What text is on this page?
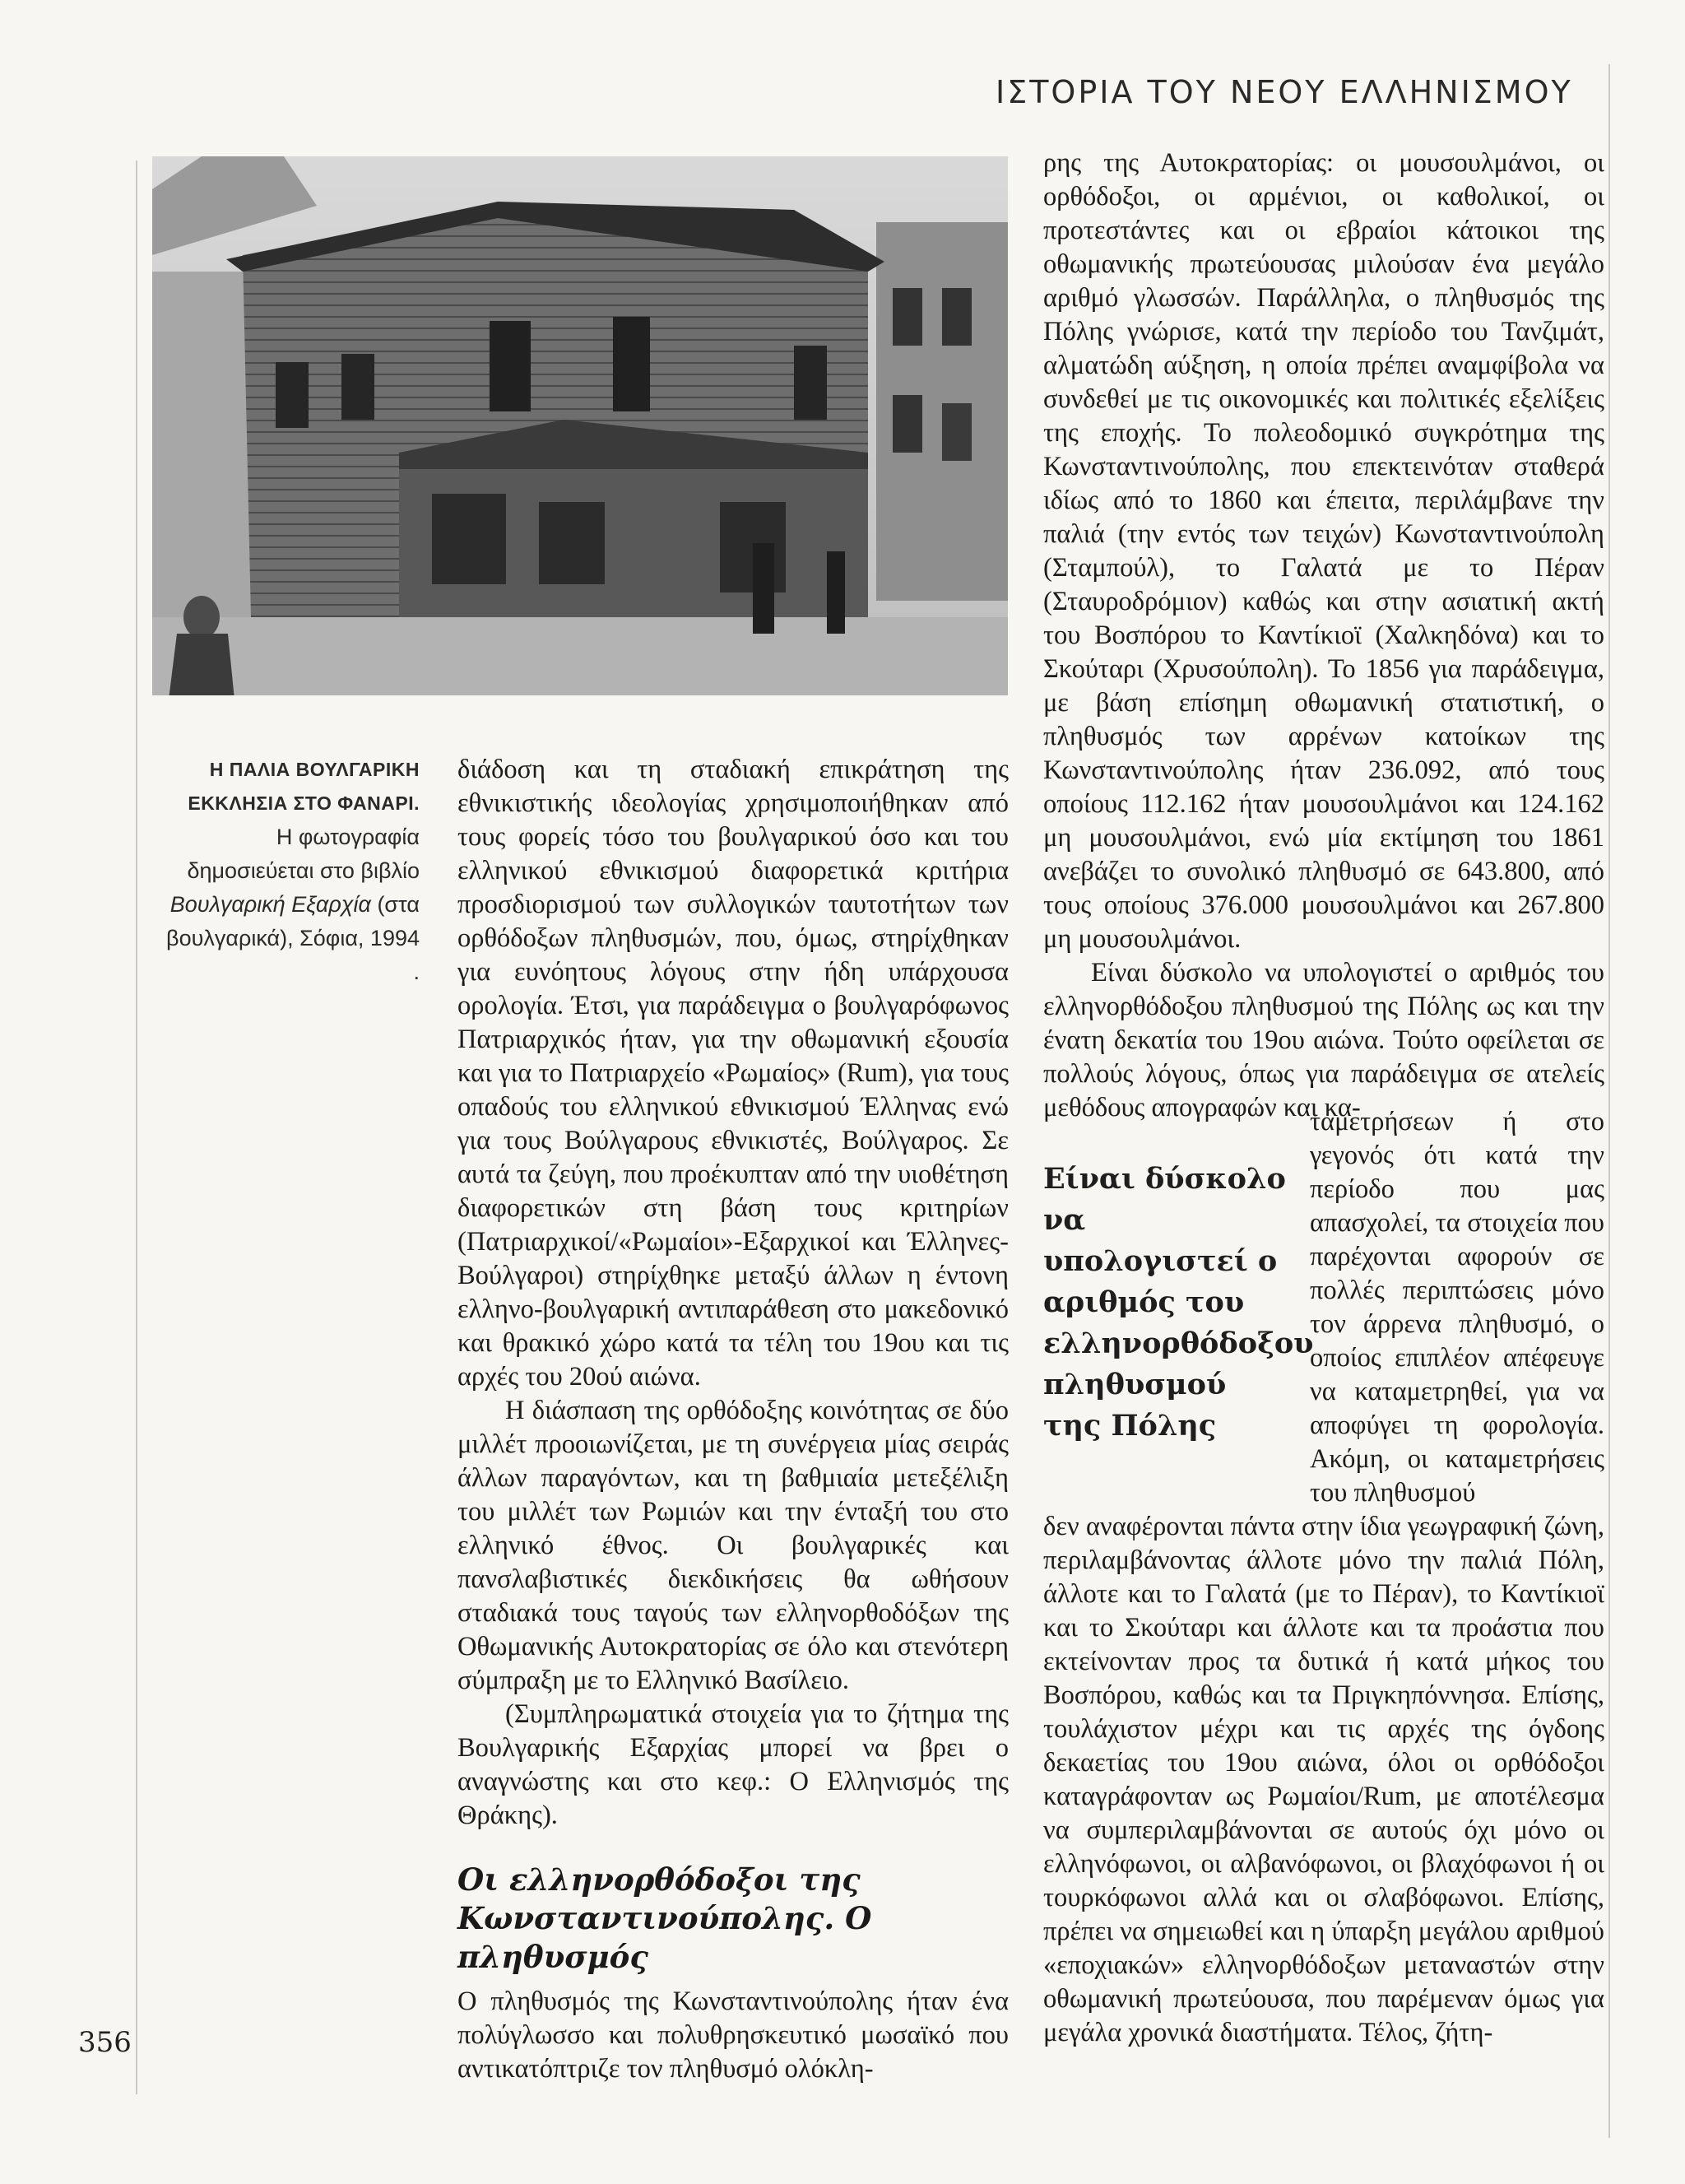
ΙΣΤΟΡΙΑ ΤΟΥ ΝΕΟΥ ΕΛΛΗΝΙΣΜΟΥ
356

Η ΠΑΛΙΑ ΒΟΥΛΓΑΡΙΚΗ ΕΚΚΛΗΣΙΑ ΣΤΟ ΦΑΝΑΡΙ.

Η φωτογραφία δημοσιεύεται στο βιβλίο Βουλγαρική Εξαρχία (στα βουλγαρικά), Σόφια, 1994 .

διάδοση και τη σταδιακή επικράτηση της εθνικιστικής ιδεολογίας χρησιμοποιήθηκαν από τους φορείς τόσο του βουλγαρικού όσο και του ελληνικού εθνικισμού διαφορετικά κριτήρια προσδιορισμού των συλλογικών ταυτοτήτων των ορθόδοξων πληθυσμών, που, όμως, στηρίχθηκαν για ευνόητους λόγους στην ήδη υπάρχουσα ορολογία. Έτσι, για παράδειγμα ο βουλγαρόφωνος Πατριαρχικός ήταν, για την οθωμανική εξουσία και για το Πατριαρχείο «Ρωμαίος» (Rum), για τους οπαδούς του ελληνικού εθνικισμού Έλληνας ενώ για τους Βούλγαρους εθνικιστές, Βούλγαρος. Σε αυτά τα ζεύγη, που προέκυπταν από την υιοθέτηση διαφορετικών στη βάση τους κριτηρίων (Πατριαρχικοί/«Ρωμαίοι»-Εξαρχικοί και Έλληνες-Βούλγαροι) στηρίχθηκε μεταξύ άλλων η έντονη ελληνο-βουλγαρική αντιπαράθεση στο μακεδονικό και θρακικό χώρο κατά τα τέλη του 19ου και τις αρχές του 20ού αιώνα.

Η διάσπαση της ορθόδοξης κοινότητας σε δύο μιλλέτ προοιωνίζεται, με τη συνέργεια μίας σειράς άλλων παραγόντων, και τη βαθμιαία μετεξέλιξη του μιλλέτ των Ρωμιών και την ένταξή του στο ελληνικό έθνος. Οι βουλγαρικές και πανσλαβιστικές διεκδικήσεις θα ωθήσουν σταδιακά τους ταγούς των ελληνορθοδόξων της Οθωμανικής Αυτοκρατορίας σε όλο και στενότερη σύμπραξη με το Ελληνικό Βασίλειο.

(Συμπληρωματικά στοιχεία για το ζήτημα της Βουλγαρικής Εξαρχίας μπορεί να βρει ο αναγνώστης και στο κεφ.: Ο Ελληνισμός της Θράκης).

Οι ελληνορθόδοξοι της Κωνσταντινούπολης. Ο πληθυσμός

Ο πληθυσμός της Κωνσταντινούπολης ήταν ένα πολύγλωσσο και πολυθρησκευτικό μωσαϊκό που αντικατόπτριζε τον πληθυσμό ολόκλη-

ρης της Αυτοκρατορίας: οι μουσουλμάνοι, οι ορθόδοξοι, οι αρμένιοι, οι καθολικοί, οι προτεστάντες και οι εβραίοι κάτοικοι της οθωμανικής πρωτεύουσας μιλούσαν ένα μεγάλο αριθμό γλωσσών. Παράλληλα, ο πληθυσμός της Πόλης γνώρισε, κατά την περίοδο του Τανζιμάτ, αλματώδη αύξηση, η οποία πρέπει αναμφίβολα να συνδεθεί με τις οικονομικές και πολιτικές εξελίξεις της εποχής. Το πολεοδομικό συγκρότημα της Κωνσταντινούπολης, που επεκτεινόταν σταθερά ιδίως από το 1860 και έπειτα, περιλάμβανε την παλιά (την εντός των τειχών) Κωνσταντινούπολη (Σταμπούλ), το Γαλατά με το Πέραν (Σταυροδρόμιον) καθώς και στην ασιατική ακτή του Βοσπόρου το Καντίκιοϊ (Χαλκηδόνα) και το Σκούταρι (Χρυσούπολη). Το 1856 για παράδειγμα, με βάση επίσημη οθωμανική στατιστική, ο πληθυσμός των αρρένων κατοίκων της Κωνσταντινούπολης ήταν 236.092, από τους οποίους 112.162 ήταν μουσουλμάνοι και 124.162 μη μουσουλμάνοι, ενώ μία εκτίμηση του 1861 ανεβάζει το συνολικό πληθυσμό σε 643.800, από τους οποίους 376.000 μουσουλμάνοι και 267.800 μη μουσουλμάνοι.

Είναι δύσκολο να υπολογιστεί ο αριθμός του ελληνορθόδοξου πληθυσμού της Πόλης ως και την ένατη δεκατία του 19ου αιώνα. Τούτο οφείλεται σε πολλούς λόγους, όπως για παράδειγμα σε ατελείς μεθόδους απογραφών και κα-

Είναι δύσκολο να υπολογιστεί ο αριθμός του ελληνορθόδοξου πληθυσμού της Πόλης

ταμετρήσεων ή στο γεγονός ότι κατά την περίοδο που μας απασχολεί, τα στοιχεία που παρέχονται αφορούν σε πολλές περιπτώσεις μόνο τον άρρενα πληθυσμό, ο οποίος επιπλέον απέφευγε να καταμετρηθεί, για να αποφύγει τη φορολογία. Ακόμη, οι καταμετρήσεις του πληθυσμού

δεν αναφέρονται πάντα στην ίδια γεωγραφική ζώνη, περιλαμβάνοντας άλλοτε μόνο την παλιά Πόλη, άλλοτε και το Γαλατά (με το Πέραν), το Καντίκιοϊ και το Σκούταρι και άλλοτε και τα προάστια που εκτείνονταν προς τα δυτικά ή κατά μήκος του Βοσπόρου, καθώς και τα Πριγκηπόννησα. Επίσης, τουλάχιστον μέχρι και τις αρχές της όγδοης δεκαετίας του 19ου αιώνα, όλοι οι ορθόδοξοι καταγράφονταν ως Ρωμαίοι/Rum, με αποτέλεσμα να συμπεριλαμβάνονται σε αυτούς όχι μόνο οι ελληνόφωνοι, οι αλβανόφωνοι, οι βλαχόφωνοι ή οι τουρκόφωνοι αλλά και οι σλαβόφωνοι. Επίσης, πρέπει να σημειωθεί και η ύπαρξη μεγάλου αριθμού «εποχιακών» ελληνορθόδοξων μεταναστών στην οθωμανική πρωτεύουσα, που παρέμεναν όμως για μεγάλα χρονικά διαστήματα. Τέλος, ζήτη-
